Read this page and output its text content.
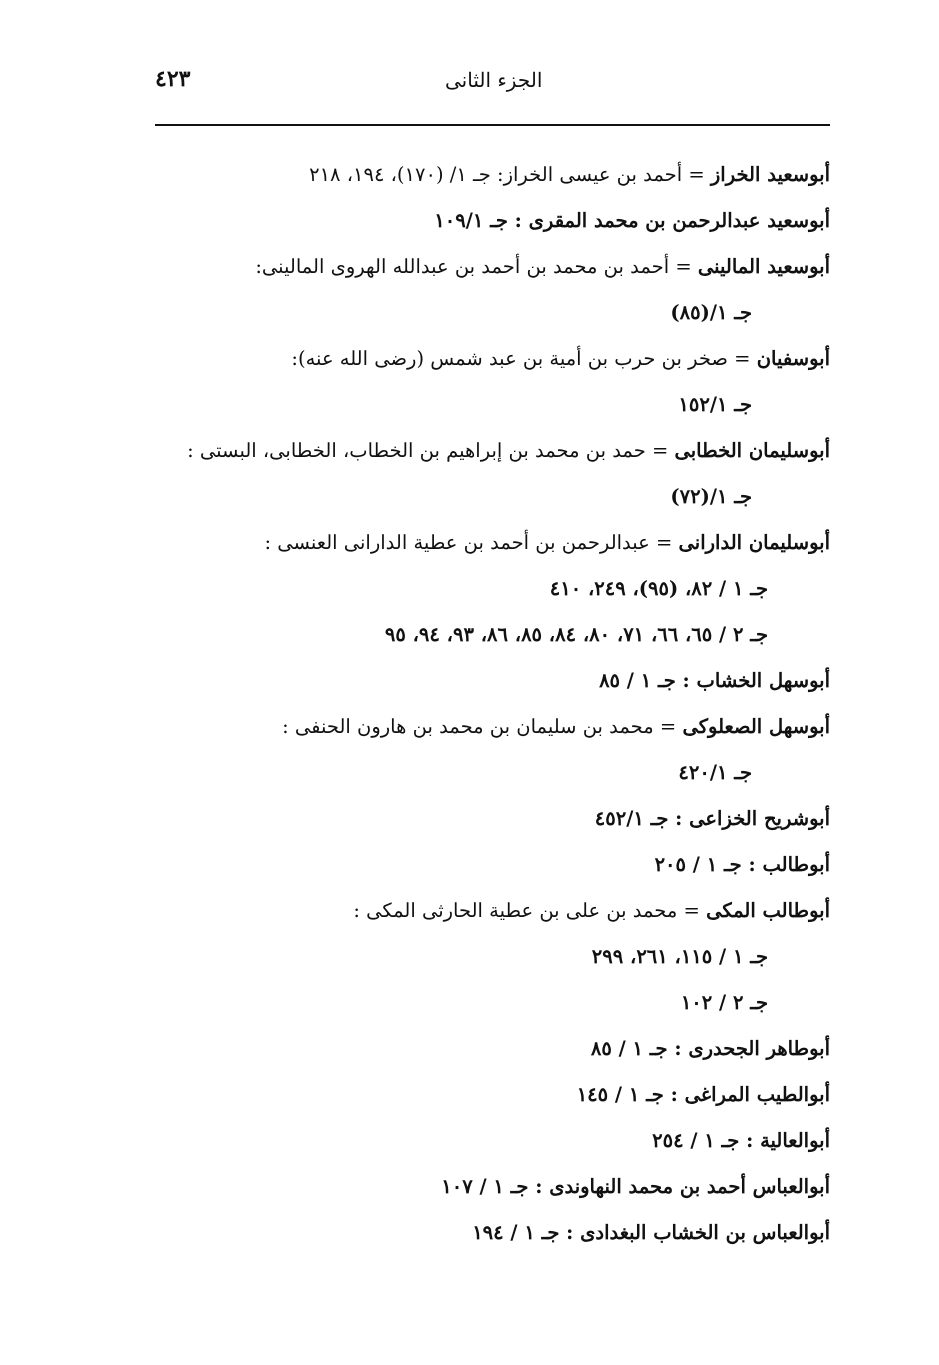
٤٢٣	الجزء الثانى
أبوسعيد الخراز = أحمد بن عيسى الخراز: جـ ١/ (١٧٠)، ١٩٤، ٢١٨
أبوسعيد عبدالرحمن بن محمد المقرى : جـ ١٠٩/١
أبوسعيد المالينى = أحمد بن محمد بن أحمد بن عبدالله الهروى المالينى:
جـ ١/(٨٥)
أبوسفيان = صخر بن حرب بن أمية بن عبد شمس (رضى الله عنه):
جـ ١٥٢/١
أبوسليمان الخطابى = حمد بن محمد بن إبراهيم بن الخطاب، الخطابى، البستى :
جـ ١/(٧٢)
أبوسليمان الدارانى = عبدالرحمن بن أحمد بن عطية الدارانى العنسى :
جـ ١ / ٨٢، (٩٥)، ٢٤٩، ٤١٠
جـ ٢ / ٦٥، ٦٦، ٧١، ٨٠، ٨٤، ٨٥، ٨٦، ٩٣، ٩٤، ٩٥
أبوسهل الخشاب : جـ ١ / ٨٥
أبوسهل الصعلوكى = محمد بن سليمان بن محمد بن هارون الحنفى :
جـ ٤٢٠/١
أبوشريح الخزاعى : جـ ٤٥٢/١
أبوطالب : جـ ١ / ٢٠٥
أبوطالب المكى = محمد بن على بن عطية الحارثى المكى :
جـ ١ / ١١٥، ٢٦١، ٢٩٩
جـ ٢ / ١٠٢
أبوطاهر الجحدرى : جـ ١ / ٨٥
أبوالطيب المراغى : جـ ١ / ١٤٥
أبوالعالية : جـ ١ / ٢٥٤
أبوالعباس أحمد بن محمد النهاوندى : جـ ١ / ١٠٧
أبوالعباس بن الخشاب البغدادى : جـ ١ / ١٩٤
